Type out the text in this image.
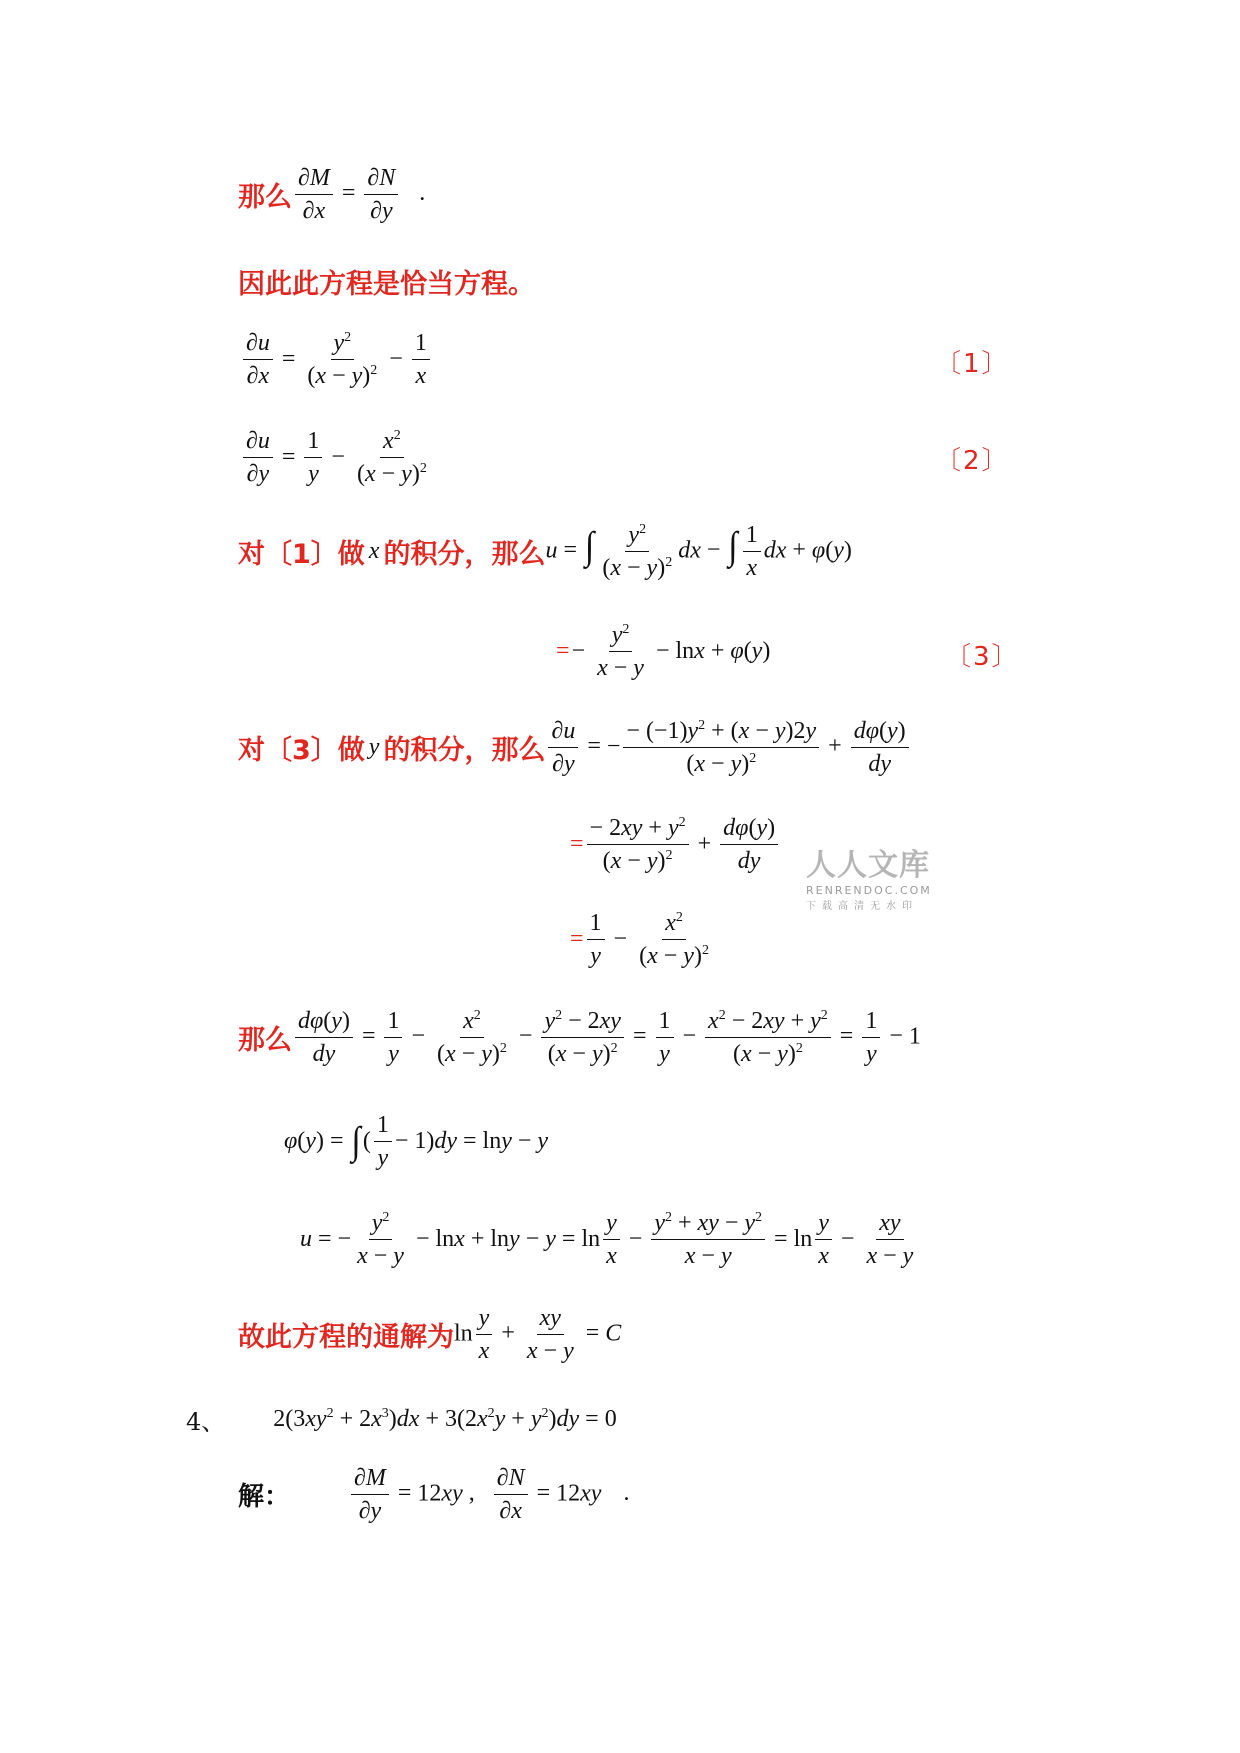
那么 $\frac{\partial M}{\partial x} = \frac{\partial N}{\partial y}$ .
因此此方程是恰当方程。
$\frac{\partial u}{\partial x} = \frac{y^2}{(x - y)^2} - \frac{1}{x}$	〔1〕
$\frac{\partial u}{\partial y} = \frac{1}{y} - \frac{x^2}{(x - y)^2}$	〔2〕
对〔1〕做 x 的积分，那么 u = ∫ $\frac{y^2}{(x - y)^2}$ dx − ∫ $\frac{1}{x}$ dx + φ(y)
= − $\frac{y^2}{x - y} - \ln x + \varphi$ ( y )	〔3〕
对〔3〕做 y 的积分，那么 $\frac{\partial u}{\partial y}$ = − $\frac{- (-1)y^2 + (x - y)2y}{(x - y)^2} + \frac{d\varphi(y)}{dy}$
= $\frac{- 2xy + y^2}{(x - y)^2} + \frac{d\varphi(y)}{dy}$ 人人文库
RENRENDOC.COM
下载高清无水印
= $\frac{1}{y} - \frac{x^2}{(x - y)^2}$
那么 $\frac{d\varphi(y)}{dy} = \frac{1}{y} - \frac{x^2}{(x - y)^2} - \frac{y^2 - 2xy}{(x - y)^2} = \frac{1}{y} - \frac{x^2 - 2xy + y^2}{(x - y)^2} = \frac{1}{y} - 1$
φ ( y ) = ∫ ( $\frac{1}{y} - 1$) dy = ln y − y
u = − $\frac{y^2}{x - y} - \ln x + \ln y - y = \ln \frac{y}{x} - \frac{y^2 + xy - y^2}{x - y} = \ln \frac{y}{x} - \frac{xy}{x - y}$
故此方程的通解为 $\ln \frac{y}{x} + \frac{xy}{x - y} = C$
4、 $2(3xy^2 + 2x^3)dx + 3(2x^2y + y^2)dy = 0$
解：	$\frac{\partial M}{\partial y} = 12xy$ , $\frac{\partial N}{\partial x} = 12xy$ .
